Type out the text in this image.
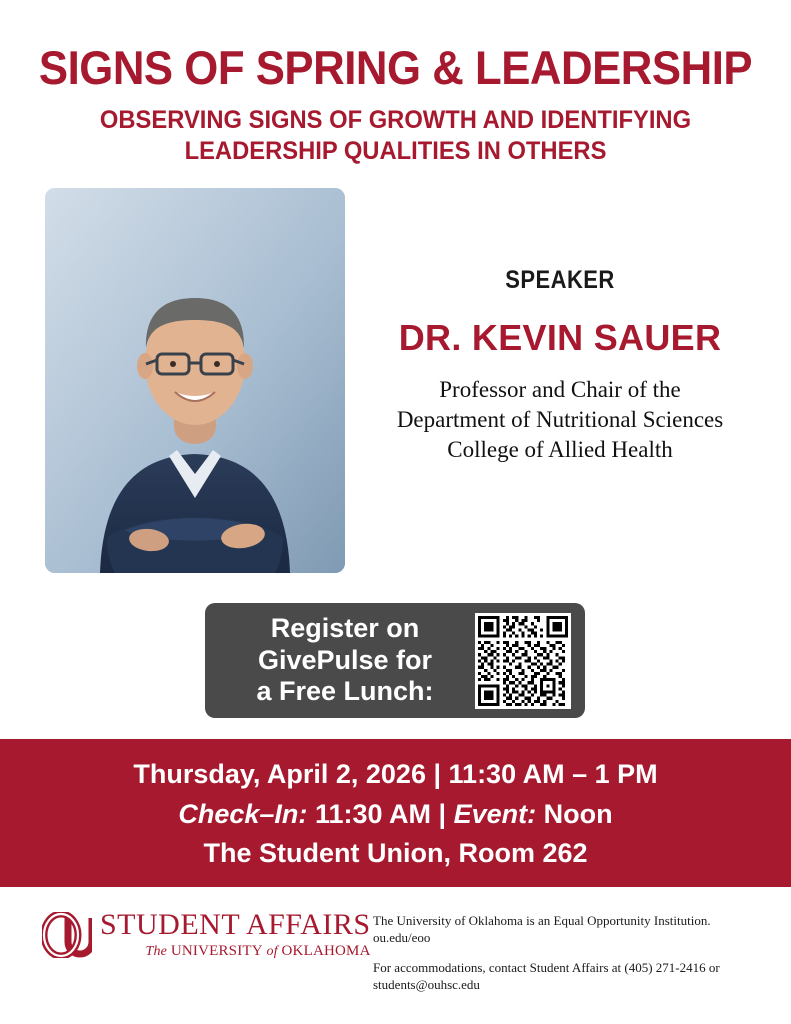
SIGNS OF SPRING & LEADERSHIP
OBSERVING SIGNS OF GROWTH AND IDENTIFYING
LEADERSHIP QUALITIES IN OTHERS
SPEAKER
DR. KEVIN SAUER
Professor and Chair of the
Department of Nutritional Sciences
College of Allied Health
Register on
GivePulse for
a Free Lunch:
Thursday, April 2, 2026 | 11:30 AM – 1 PM
Check–In: 11:30 AM | Event: Noon
The Student Union, Room 262
STUDENT AFFAIRS
The UNIVERSITY of OKLAHOMA

The University of Oklahoma is an Equal Opportunity Institution.
ou.edu/eoo

For accommodations, contact Student Affairs at (405) 271-2416 or
students@ouhsc.edu
